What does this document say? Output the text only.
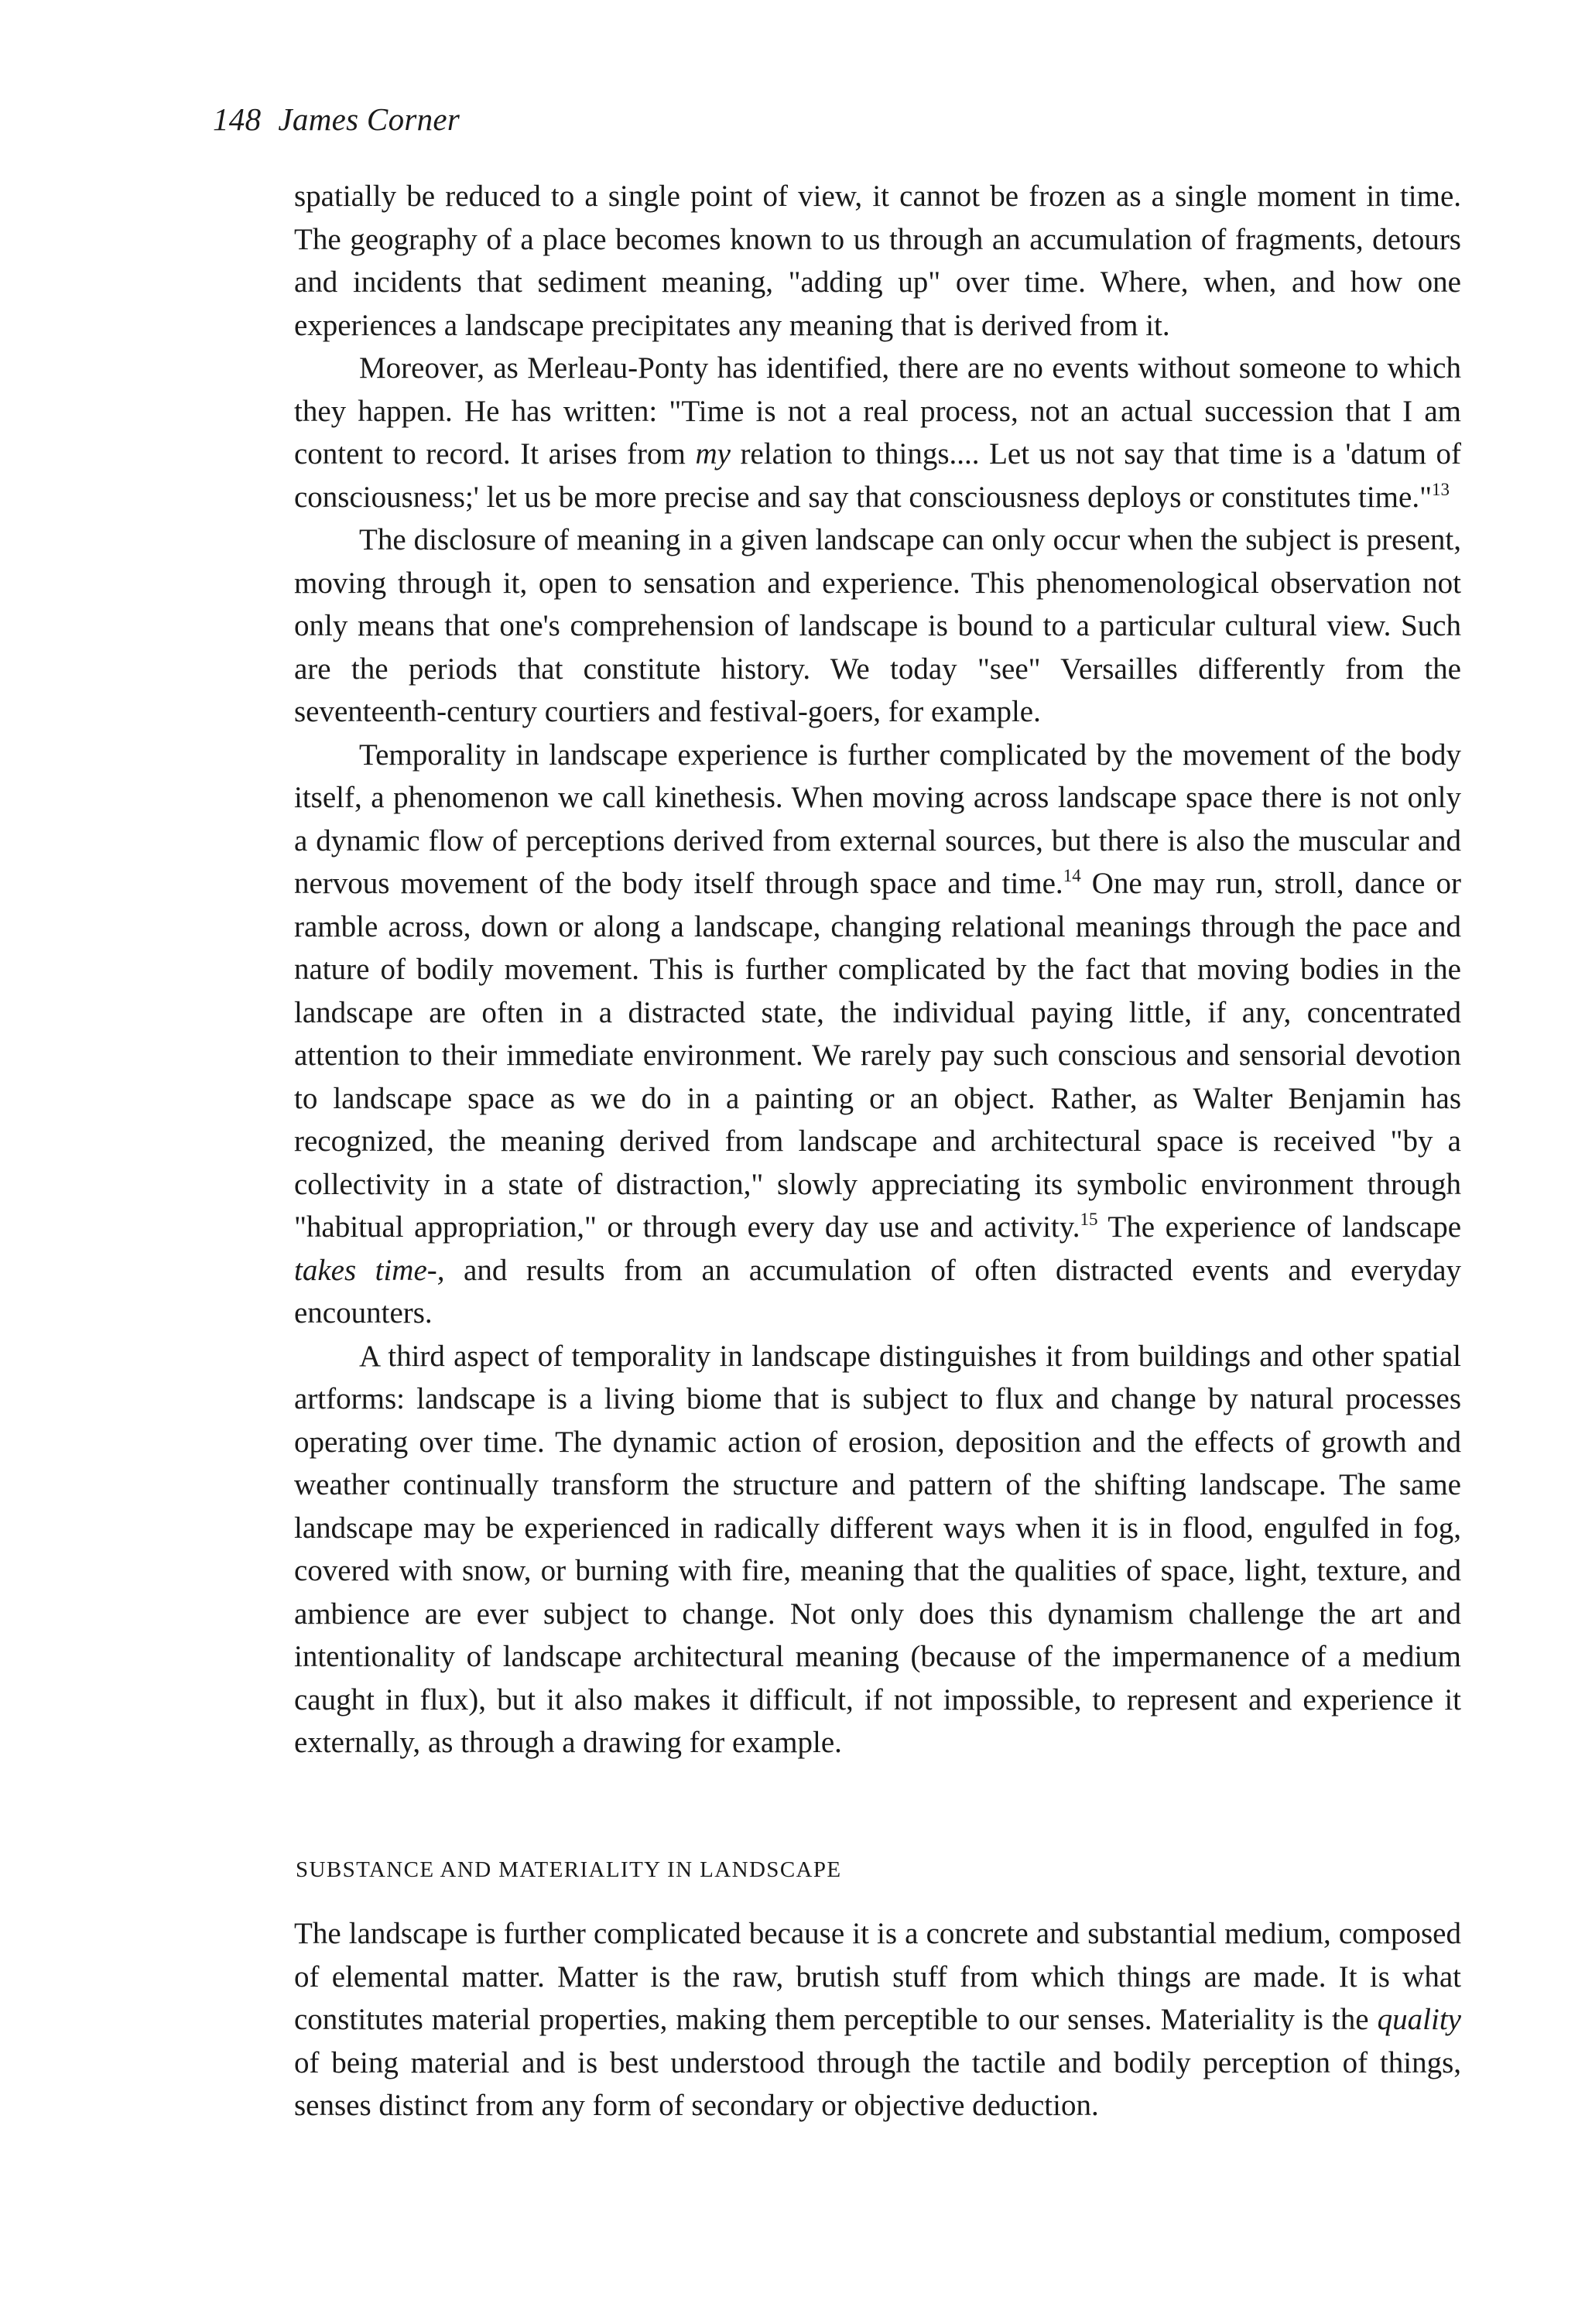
148 James Corner

spatially be reduced to a single point of view, it cannot be frozen as a single moment in time. The geography of a place becomes known to us through an accumulation of fragments, detours and incidents that sediment meaning, "adding up" over time. Where, when, and how one experiences a landscape precipitates any meaning that is derived from it.

Moreover, as Merleau-Ponty has identified, there are no events without someone to which they happen. He has written: "Time is not a real process, not an actual succession that I am content to record. It arises from my relation to things.... Let us not say that time is a 'datum of consciousness;' let us be more precise and say that consciousness deploys or constitutes time."$^{13}$

The disclosure of meaning in a given landscape can only occur when the subject is present, moving through it, open to sensation and experience. This phenomenological observation not only means that one's comprehension of landscape is bound to a particular cultural view. Such are the periods that constitute history. We today "see" Versailles differently from the seventeenth-century courtiers and festival-goers, for example.

Temporality in landscape experience is further complicated by the movement of the body itself, a phenomenon we call kinethesis. When moving across landscape space there is not only a dynamic flow of perceptions derived from external sources, but there is also the muscular and nervous movement of the body itself through space and time.$^{14}$ One may run, stroll, dance or ramble across, down or along a landscape, changing relational meanings through the pace and nature of bodily movement. This is further complicated by the fact that moving bodies in the landscape are often in a distracted state, the individual paying little, if any, concentrated attention to their immediate environment. We rarely pay such conscious and sensorial devotion to landscape space as we do in a painting or an object. Rather, as Walter Benjamin has recognized, the meaning derived from landscape and architectural space is received "by a collectivity in a state of distraction," slowly appreciating its symbolic environment through "habitual appropriation," or through every day use and activity.$^{15}$ The experience of landscape takes time-, and results from an accumulation of often distracted events and everyday encounters.

A third aspect of temporality in landscape distinguishes it from buildings and other spatial artforms: landscape is a living biome that is subject to flux and change by natural processes operating over time. The dynamic action of erosion, deposition and the effects of growth and weather continually transform the structure and pattern of the shifting landscape. The same landscape may be experienced in radically different ways when it is in flood, engulfed in fog, covered with snow, or burning with fire, meaning that the qualities of space, light, texture, and ambience are ever subject to change. Not only does this dynamism challenge the art and intentionality of landscape architectural meaning (because of the impermanence of a medium caught in flux), but it also makes it difficult, if not impossible, to represent and experience it externally, as through a drawing for example.

SUBSTANCE AND MATERIALITY IN LANDSCAPE

The landscape is further complicated because it is a concrete and substantial medium, composed of elemental matter. Matter is the raw, brutish stuff from which things are made. It is what constitutes material properties, making them perceptible to our senses. Materiality is the quality of being material and is best understood through the tactile and bodily perception of things, senses distinct from any form of secondary or objective deduction.
